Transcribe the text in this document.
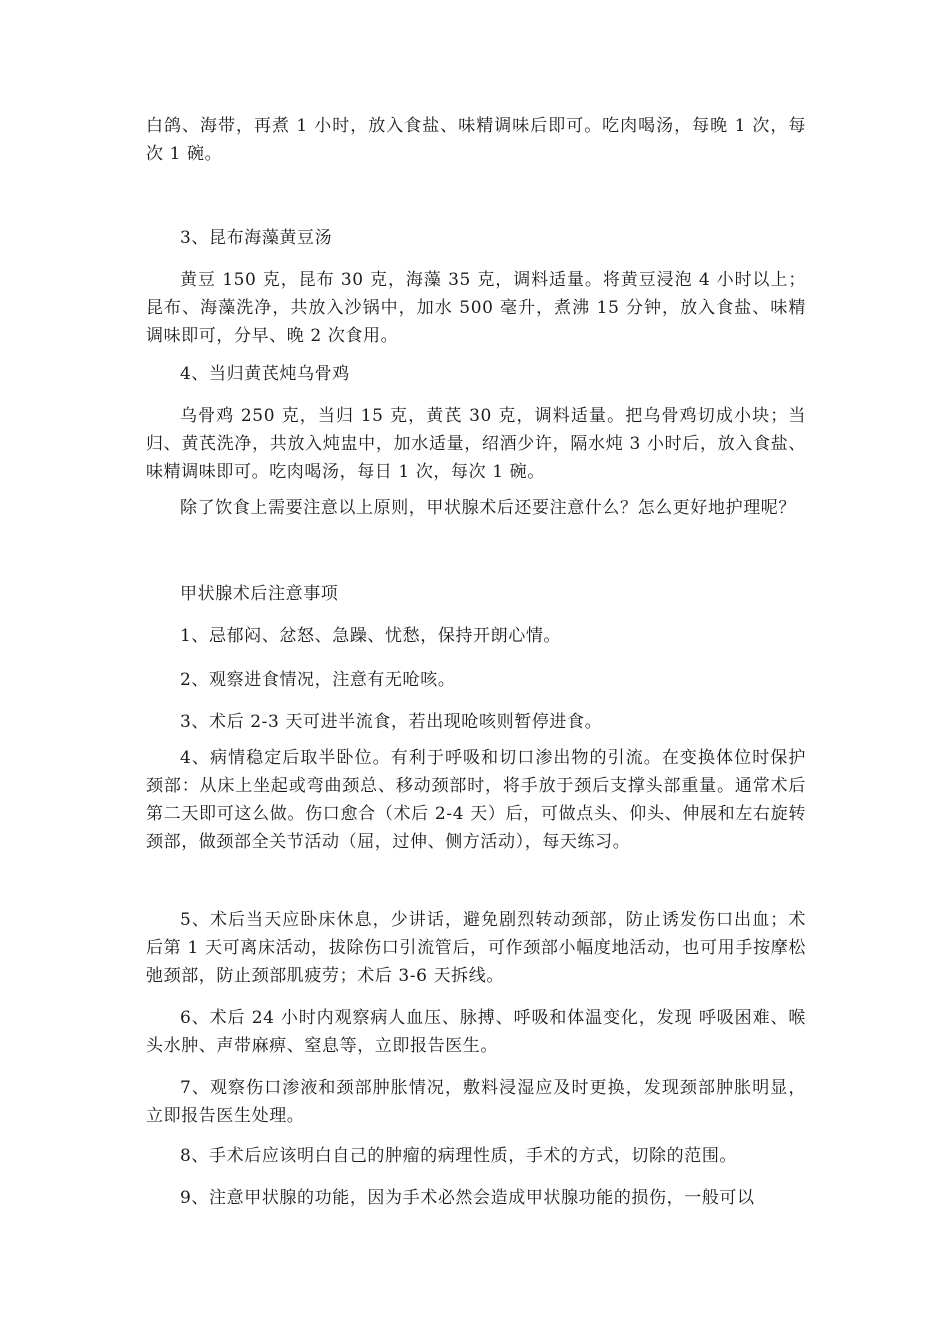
白鸽、海带，再煮 1 小时，放入食盐、味精调味后即可。吃肉喝汤，每晚 1 次，每次 1 碗。

3、昆布海藻黄豆汤

黄豆 150 克，昆布 30 克，海藻 35 克，调料适量。将黄豆浸泡 4 小时以上；昆布、海藻洗净，共放入沙锅中，加水 500 毫升，煮沸 15 分钟，放入食盐、味精调味即可，分早、晚 2 次食用。

4、当归黄芪炖乌骨鸡

乌骨鸡 250 克，当归 15 克，黄芪 30 克，调料适量。把乌骨鸡切成小块；当归、黄芪洗净，共放入炖盅中，加水适量，绍酒少许，隔水炖 3 小时后，放入食盐、味精调味即可。吃肉喝汤，每日 1 次，每次 1 碗。

除了饮食上需要注意以上原则，甲状腺术后还要注意什么？怎么更好地护理呢？

甲状腺术后注意事项

1、忌郁闷、忿怒、急躁、忧愁，保持开朗心情。

2、观察进食情况，注意有无呛咳。

3、术后 2-3 天可进半流食，若出现呛咳则暂停进食。

4、病情稳定后取半卧位。有利于呼吸和切口渗出物的引流。在变换体位时保护颈部：从床上坐起或弯曲颈总、移动颈部时，将手放于颈后支撑头部重量。通常术后第二天即可这么做。伤口愈合（术后 2-4 天）后，可做点头、仰头、伸展和左右旋转颈部，做颈部全关节活动（屈，过伸、侧方活动），每天练习。

5、术后当天应卧床休息，少讲话，避免剧烈转动颈部，防止诱发伤口出血；术后第 1 天可离床活动，拔除伤口引流管后，可作颈部小幅度地活动，也可用手按摩松弛颈部，防止颈部肌疲劳；术后 3-6 天拆线。

6、术后 24 小时内观察病人血压、脉搏、呼吸和体温变化，发现 呼吸困难、喉头水肿、声带麻痹、窒息等，立即报告医生。

7、观察伤口渗液和颈部肿胀情况，敷料浸湿应及时更换，发现颈部肿胀明显，立即报告医生处理。

8、手术后应该明白自己的肿瘤的病理性质，手术的方式，切除的范围。

9、注意甲状腺的功能，因为手术必然会造成甲状腺功能的损伤，一般可以
